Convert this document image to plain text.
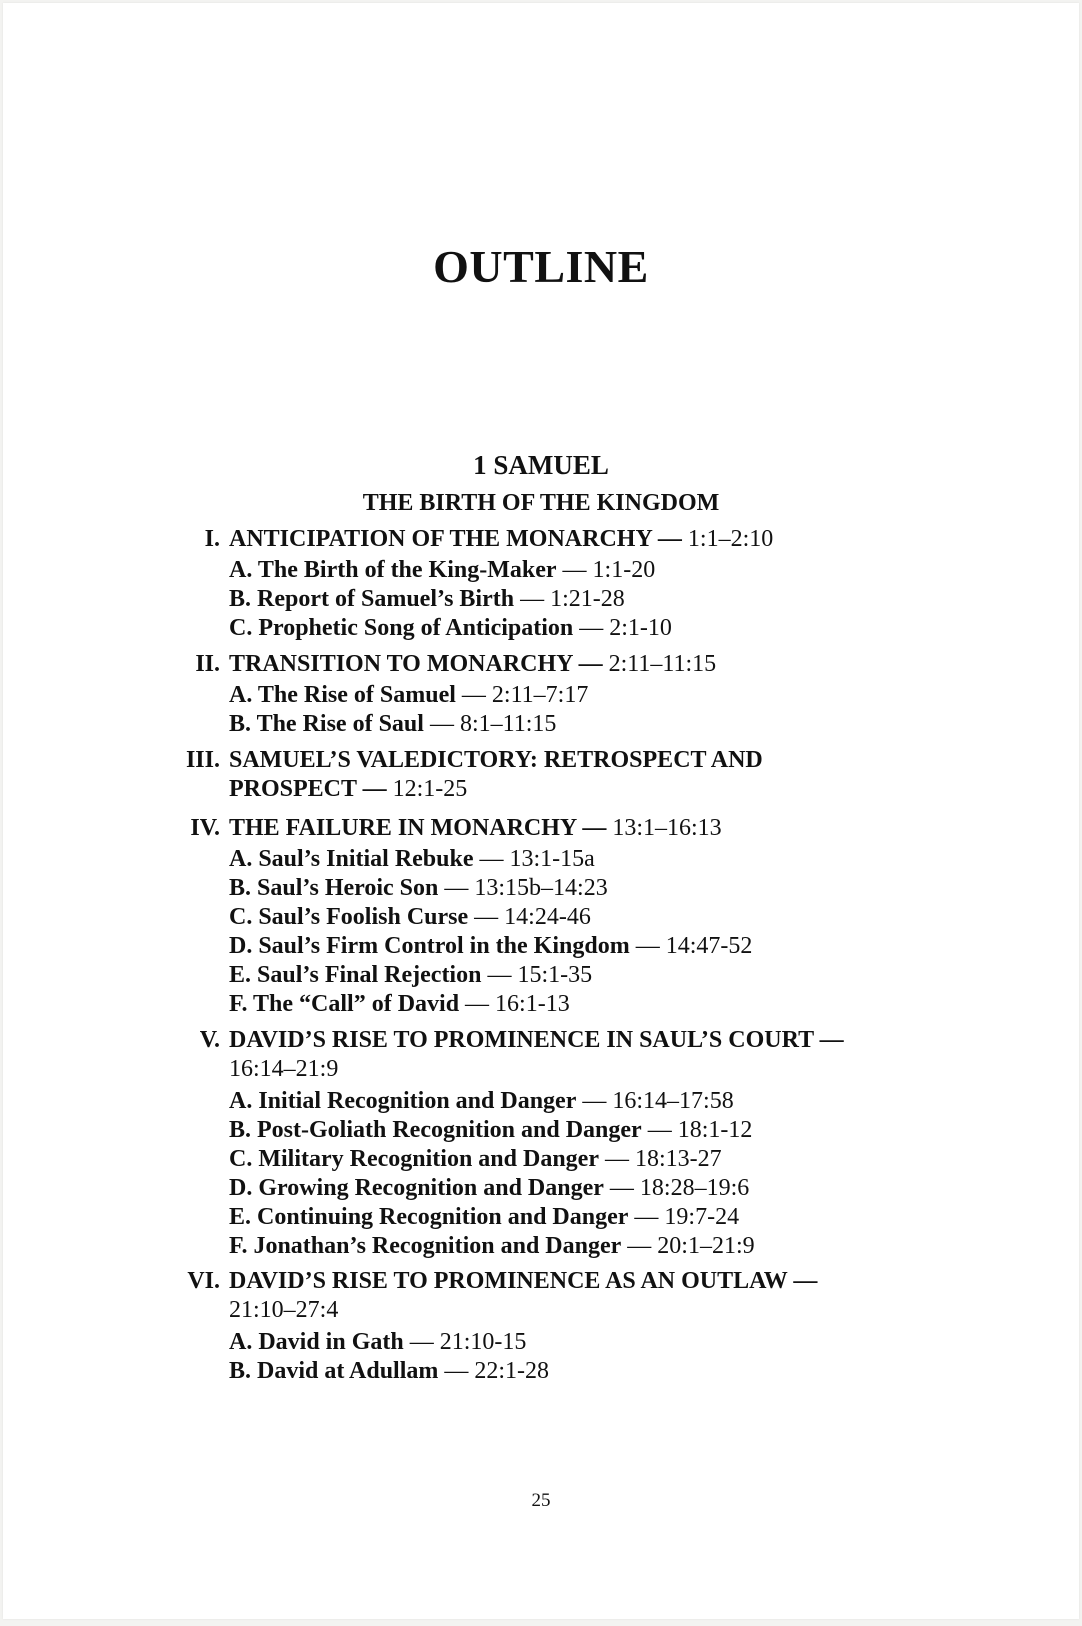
OUTLINE
1 SAMUEL
THE BIRTH OF THE KINGDOM
I. ANTICIPATION OF THE MONARCHY — 1:1–2:10
A. The Birth of the King-Maker — 1:1-20
B. Report of Samuel’s Birth — 1:21-28
C. Prophetic Song of Anticipation — 2:1-10
II. TRANSITION TO MONARCHY — 2:11–11:15
A. The Rise of Samuel — 2:11–7:17
B. The Rise of Saul — 8:1–11:15
III. SAMUEL’S VALEDICTORY: RETROSPECT AND
PROSPECT — 12:1-25
IV. THE FAILURE IN MONARCHY — 13:1–16:13
A. Saul’s Initial Rebuke — 13:1-15a
B. Saul’s Heroic Son — 13:15b–14:23
C. Saul’s Foolish Curse — 14:24-46
D. Saul’s Firm Control in the Kingdom — 14:47-52
E. Saul’s Final Rejection — 15:1-35
F. The “Call” of David — 16:1-13
V. DAVID’S RISE TO PROMINENCE IN SAUL’S COURT —
16:14–21:9
A. Initial Recognition and Danger — 16:14–17:58
B. Post-Goliath Recognition and Danger — 18:1-12
C. Military Recognition and Danger — 18:13-27
D. Growing Recognition and Danger — 18:28–19:6
E. Continuing Recognition and Danger — 19:7-24
F. Jonathan’s Recognition and Danger — 20:1–21:9
VI. DAVID’S RISE TO PROMINENCE AS AN OUTLAW —
21:10–27:4
A. David in Gath — 21:10-15
B. David at Adullam — 22:1-28
25
